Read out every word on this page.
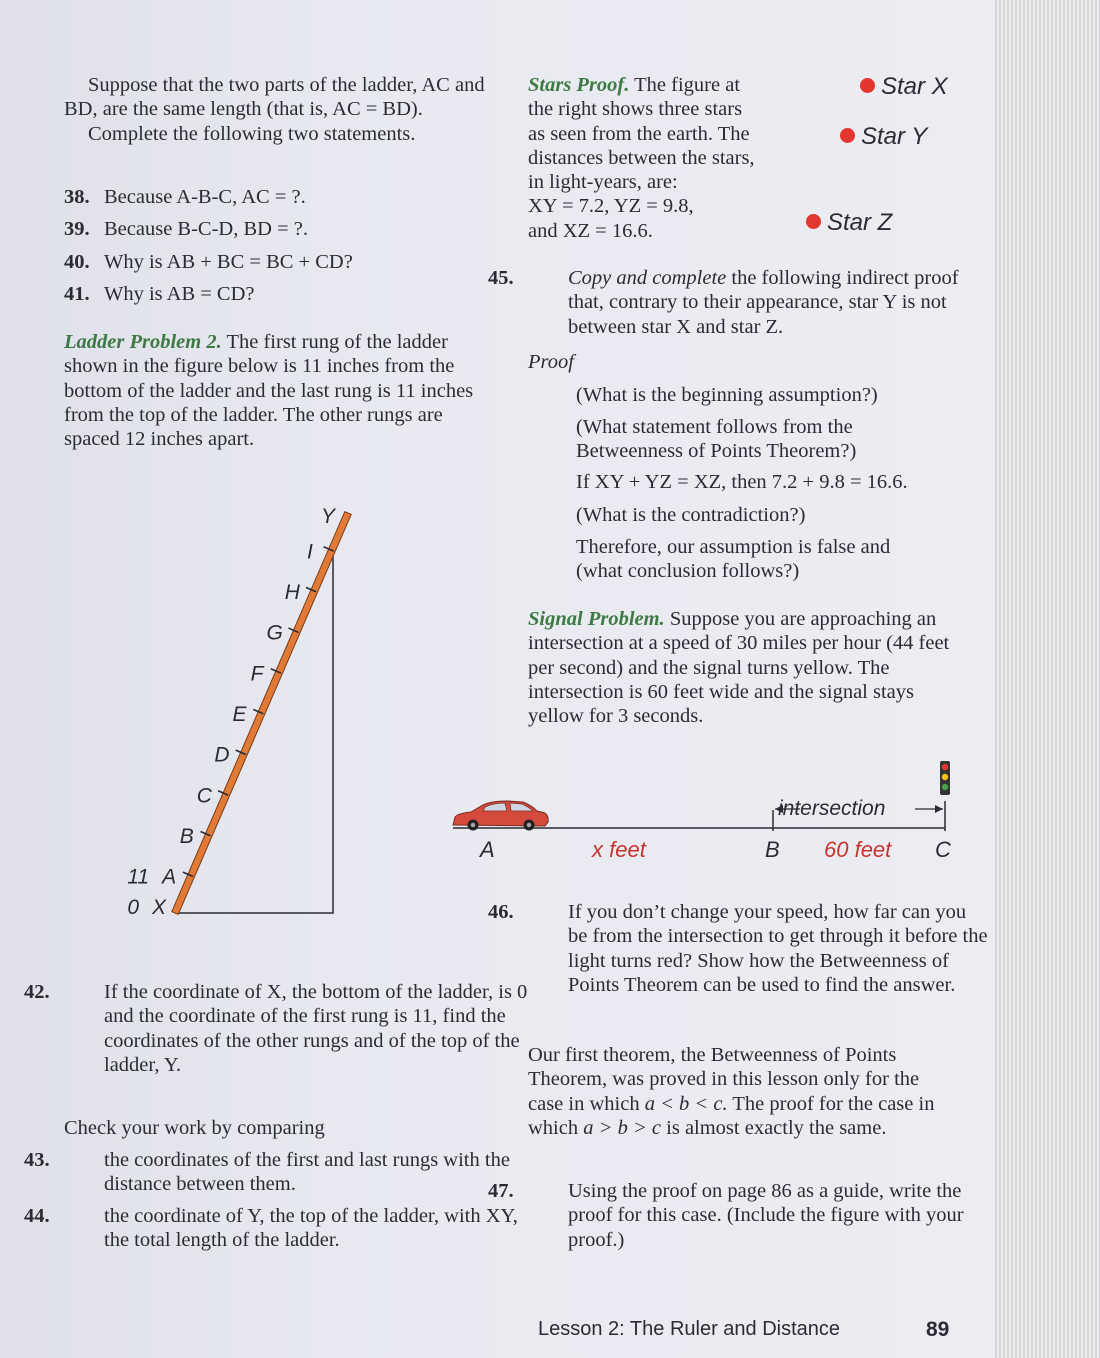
Suppose that the two parts of the ladder, AC and BD, are the same length (that is, AC = BD).
Complete the following two statements.
38. Because A-B-C, AC = ?.
39. Because B-C-D, BD = ?.
40. Why is AB + BC = BC + CD?
41. Why is AB = CD?
Ladder Problem 2. The first rung of the ladder shown in the figure below is 11 inches from the bottom of the ladder and the last rung is 11 inches from the top of the ladder. The other rungs are spaced 12 inches apart.
X
0
A
11
B
C
D
E
F
G
H
I
Y
42.	If the coordinate of X, the bottom of the ladder, is 0 and the coordinate of the first rung is 11, find the coordinates of the other rungs and of the top of the ladder, Y.
Check your work by comparing
43.	the coordinates of the first and last rungs with the distance between them.
44.	the coordinate of Y, the top of the ladder, with XY, the total length of the ladder.
Stars Proof. The figure at
the right shows three stars
as seen from the earth. The
distances between the stars,
in light-years, are:
XY = 7.2, YZ = 9.8,
and XZ = 16.6.
Star X
Star Y
Star Z
45.	Copy and complete the following indirect proof that, contrary to their appearance, star Y is not between star X and star Z.
Proof
(What is the beginning assumption?)
(What statement follows from the Betweenness of Points Theorem?)
If XY + YZ = XZ, then 7.2 + 9.8 = 16.6.
(What is the contradiction?)
Therefore, our assumption is false and (what conclusion follows?)
Signal Problem. Suppose you are approaching an intersection at a speed of 30 miles per hour (44 feet per second) and the signal turns yellow. The intersection is 60 feet wide and the signal stays yellow for 3 seconds.
intersection
A	x feet	B 60 feet C
46.	If you don’t change your speed, how far can you be from the intersection to get through it before the light turns red? Show how the Betweenness of Points Theorem can be used to find the answer.
Our first theorem, the Betweenness of Points Theorem, was proved in this lesson only for the case in which a < b < c. The proof for the case in which a > b > c is almost exactly the same.
47.	Using the proof on page 86 as a guide, write the proof for this case. (Include the figure with your proof.)
Lesson 2: The Ruler and Distance	89
